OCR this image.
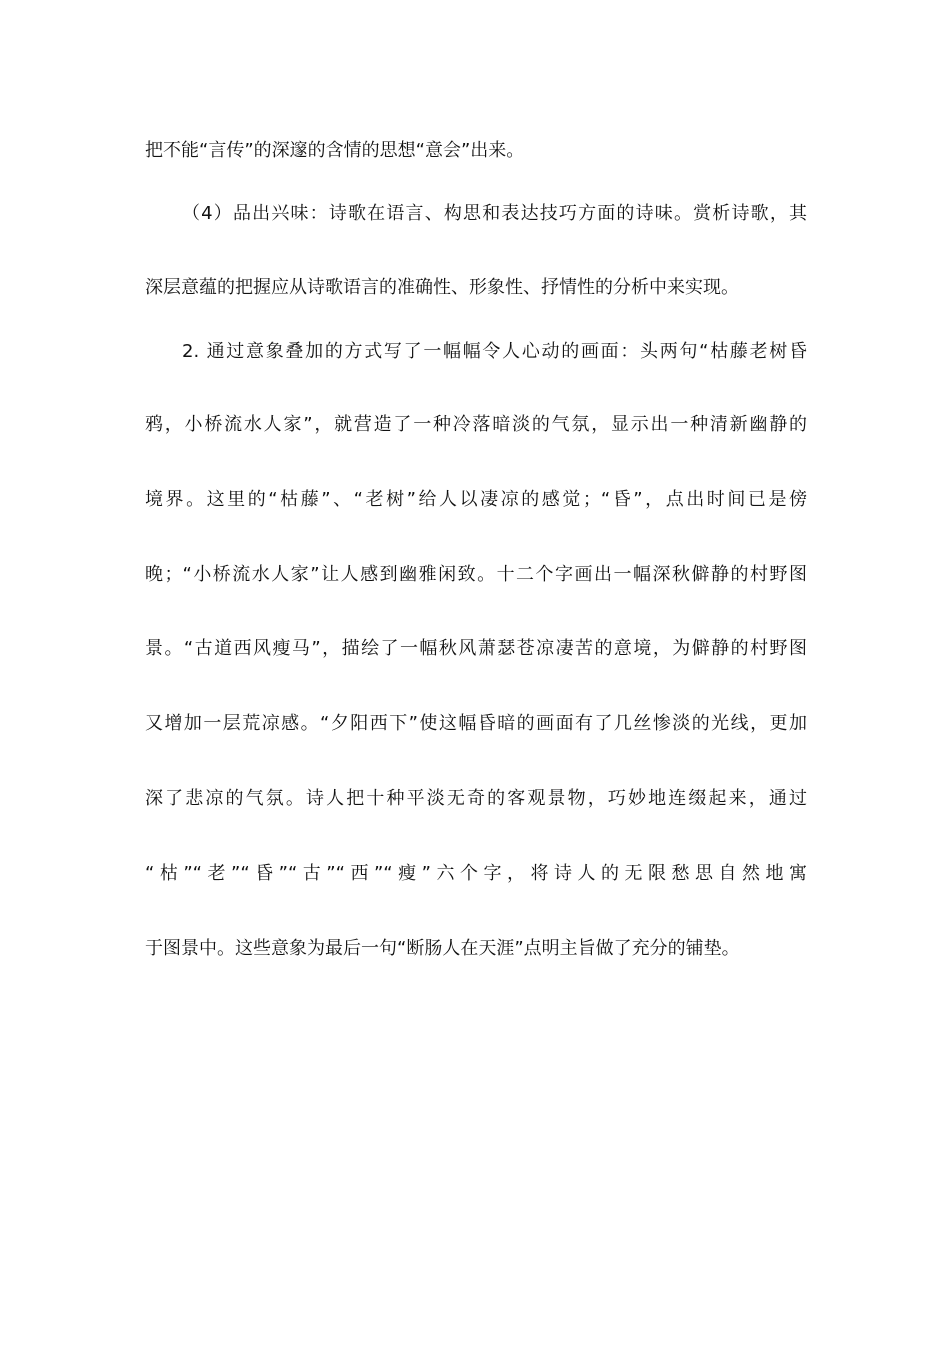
把不能“言传”的深邃的含情的思想“意会”出来。
（4）品出兴味：诗歌在语言、构思和表达技巧方面的诗味。赏析诗歌，其
深层意蕴的把握应从诗歌语言的准确性、形象性、抒情性的分析中来实现。
2. 通过意象叠加的方式写了一幅幅令人心动的画面：头两句“枯藤老树昏
鸦，小桥流水人家”，就营造了一种冷落暗淡的气氛，显示出一种清新幽静的
境界。这里的“枯藤”、“老树”给人以凄凉的感觉；“昏”，点出时间已是傍
晚；“小桥流水人家”让人感到幽雅闲致。十二个字画出一幅深秋僻静的村野图
景。“古道西风瘦马”，描绘了一幅秋风萧瑟苍凉凄苦的意境，为僻静的村野图
又增加一层荒凉感。“夕阳西下”使这幅昏暗的画面有了几丝惨淡的光线，更加
深了悲凉的气氛。诗人把十种平淡无奇的客观景物，巧妙地连缀起来，通过
“枯”“老”“昏”“古”“西”“瘦”六个字，将诗人的无限愁思自然地寓
于图景中。这些意象为最后一句“断肠人在天涯”点明主旨做了充分的铺垫。
